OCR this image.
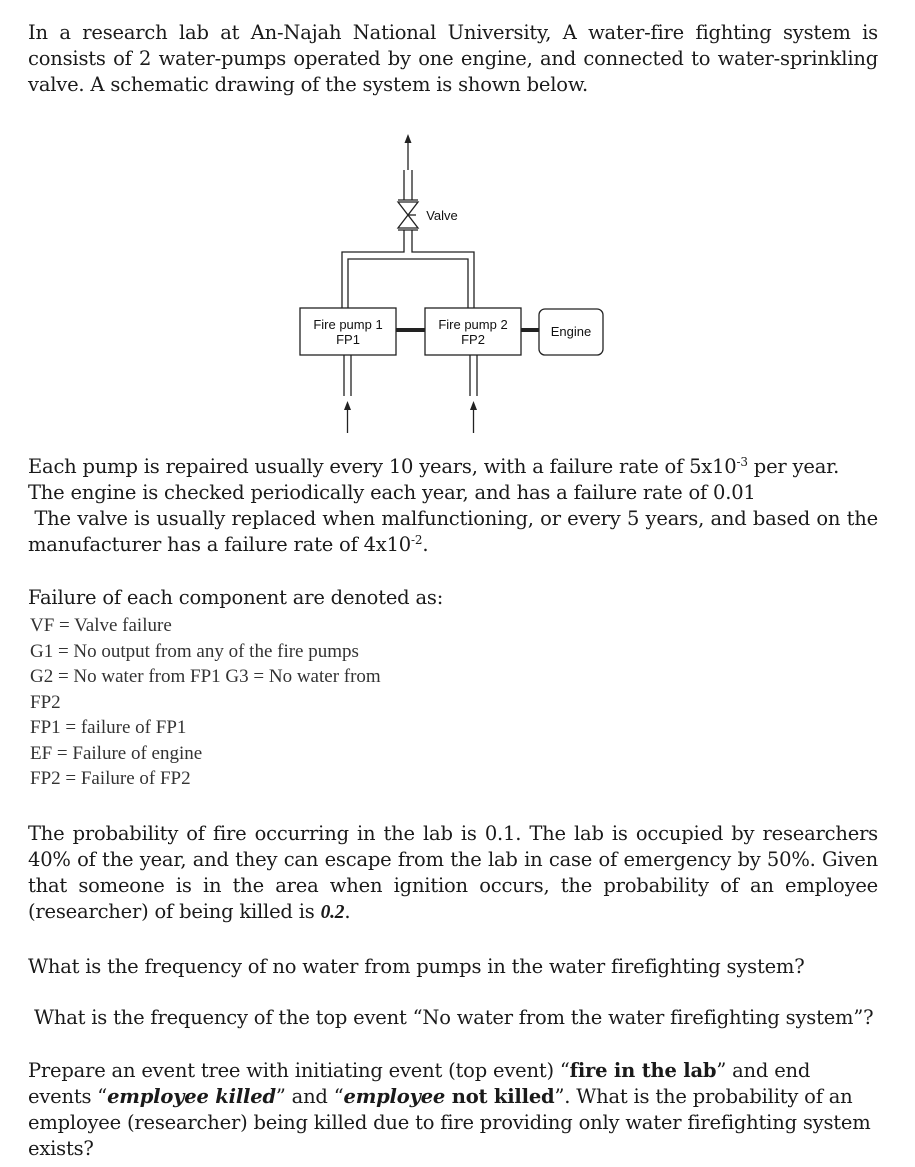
In a research lab at An-Najah National University, A water-fire fighting system is consists of 2 water-pumps operated by one engine, and connected to water-sprinkling valve. A schematic drawing of the system is shown below.

Valve
Fire pump 1
FP1
Fire pump 2
FP2
Engine

Each pump is repaired usually every 10 years, with a failure rate of $5x10^{-3}$ per year.

The engine is checked periodically each year, and has a failure rate of 0.01

The valve is usually replaced when malfunctioning, or every 5 years, and based on the manufacturer has a failure rate of $4x10^{-2}$.

Failure of each component are denoted as:

VF = Valve failure

G1 = No output from any of the fire pumps

G2 = No water from FP1 G3 = No water from

FP2

FP1 = failure of FP1

EF = Failure of engine

FP2 = Failure of FP2

The probability of fire occurring in the lab is 0.1. The lab is occupied by researchers 40% of the year, and they can escape from the lab in case of emergency by 50%. Given that someone is in the area when ignition occurs, the probability of an employee (researcher) of being killed is 0.2.

What is the frequency of no water from pumps in the water firefighting system?

What is the frequency of the top event “No water from the water firefighting system”?

Prepare an event tree with initiating event (top event) “fire in the lab” and end events “employee killed” and “employee not killed”. What is the probability of an employee (researcher) being killed due to fire providing only water firefighting system exists?
